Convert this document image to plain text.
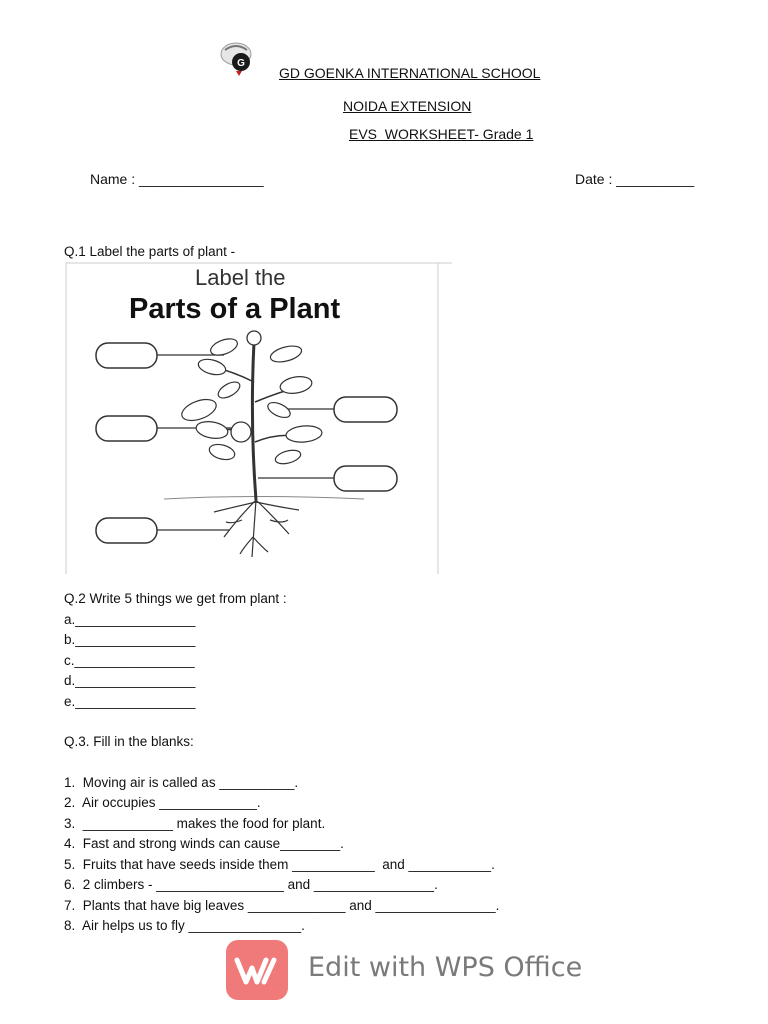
G
GD GOENKA INTERNATIONAL SCHOOL
NOIDA EXTENSION
EVS  WORKSHEET- Grade 1
Name : ________________	Date : __________
Q.1 Label the parts of plant -
Label the
Parts of a Plant
Q.2 Write 5 things we get from plant :
a.________________
b.________________
c.________________
d.________________
e.________________
Q.3. Fill in the blanks:
1.  Moving air is called as __________.
2.  Air occupies _____________.
3.  ____________ makes the food for plant.
4.  Fast and strong winds can cause________.
5.  Fruits that have seeds inside them ___________  and ___________.
6.  2 climbers - _________________ and ________________.
7.  Plants that have big leaves _____________ and ________________.
8.  Air helps us to fly _______________.
Edit with WPS Office
